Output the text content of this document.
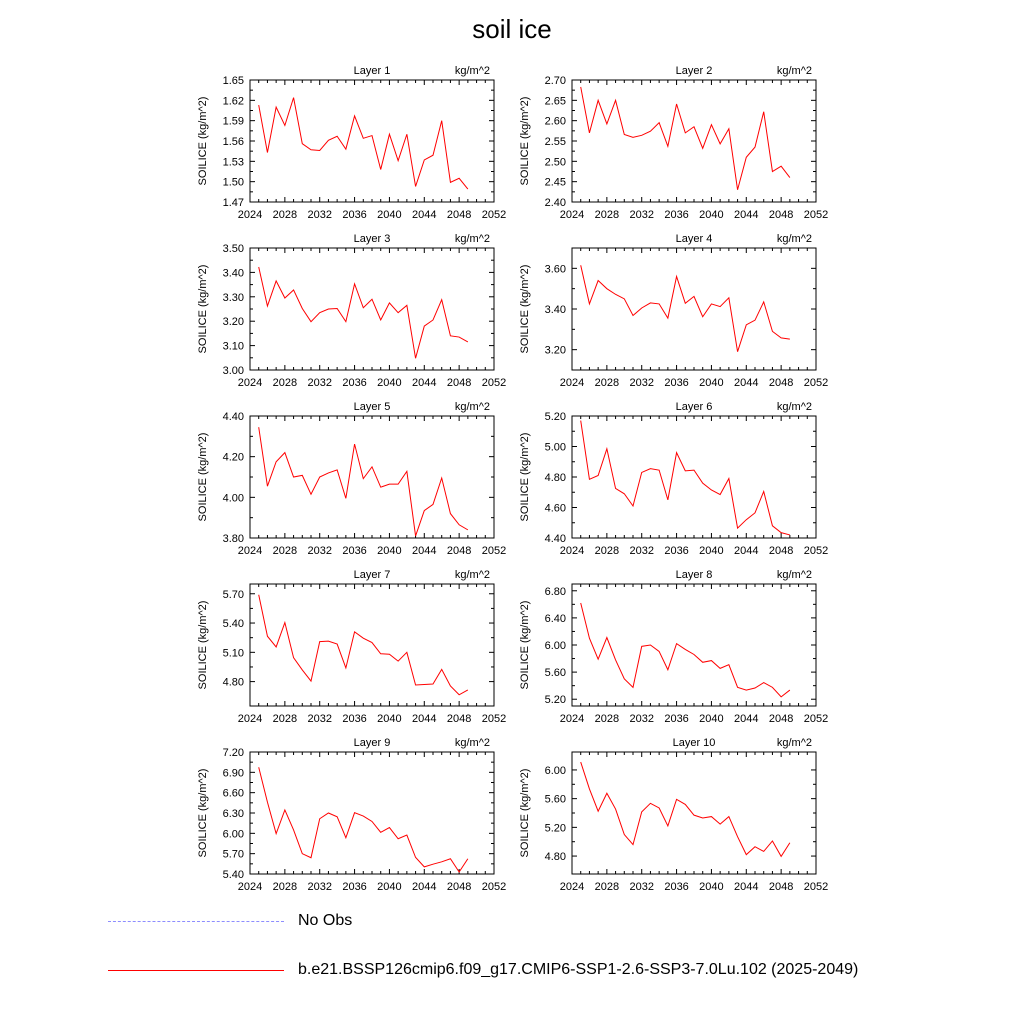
soil ice
2024 2028 2032 2036 2040 2044 2048 2052
1.47
1.50
1.53
1.56
1.59
1.62
1.65
Layer 1	kg/m^2
SOILICE (kg/m^2)
2024 2028 2032 2036 2040 2044 2048 2052
2.40
2.45
2.50
2.55
2.60
2.65
2.70
Layer 2	kg/m^2
SOILICE (kg/m^2)
2024 2028 2032 2036 2040 2044 2048 2052
3.00
3.10
3.20
3.30
3.40
3.50
Layer 3	kg/m^2
SOILICE (kg/m^2)
2024 2028 2032 2036 2040 2044 2048 2052
3.20
3.40
3.60
Layer 4	kg/m^2
SOILICE (kg/m^2)
2024 2028 2032 2036 2040 2044 2048 2052
3.80
4.00
4.20
4.40
Layer 5	kg/m^2
SOILICE (kg/m^2)
2024 2028 2032 2036 2040 2044 2048 2052
4.40
4.60
4.80
5.00
5.20
Layer 6	kg/m^2
SOILICE (kg/m^2)
2024 2028 2032 2036 2040 2044 2048 2052
4.80
5.10
5.40
5.70
Layer 7	kg/m^2
SOILICE (kg/m^2)
2024 2028 2032 2036 2040 2044 2048 2052
5.20
5.60
6.00
6.40
6.80
Layer 8	kg/m^2
SOILICE (kg/m^2)
2024 2028 2032 2036 2040 2044 2048 2052
5.40
5.70
6.00
6.30
6.60
6.90
7.20
Layer 9	kg/m^2
SOILICE (kg/m^2)
2024 2028 2032 2036 2040 2044 2048 2052
4.80
5.20
5.60
6.00
Layer 10	kg/m^2
SOILICE (kg/m^2)
No Obs
b.e21.BSSP126cmip6.f09_g17.CMIP6-SSP1-2.6-SSP3-7.0Lu.102 (2025-2049)
